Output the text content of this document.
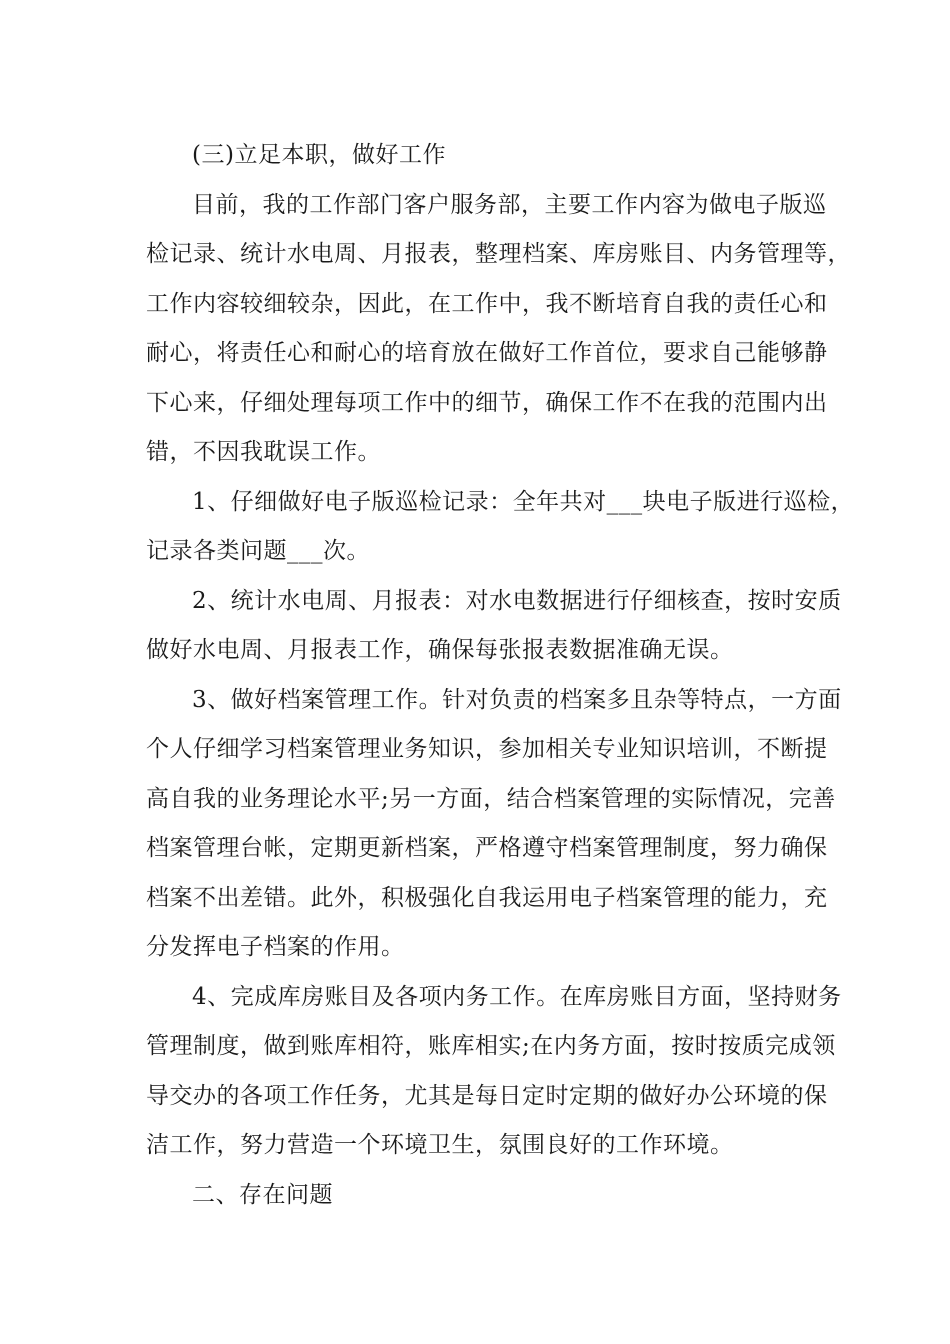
(三)立足本职，做好工作
目前，我的工作部门客户服务部，主要工作内容为做电子版巡
检记录、统计水电周、月报表，整理档案、库房账目、内务管理等，
工作内容较细较杂，因此，在工作中，我不断培育自我的责任心和
耐心，将责任心和耐心的培育放在做好工作首位，要求自己能够静
下心来，仔细处理每项工作中的细节，确保工作不在我的范围内出
错，不因我耽误工作。
1、仔细做好电子版巡检记录：全年共对___块电子版进行巡检，
记录各类问题___次。
2、统计水电周、月报表：对水电数据进行仔细核查，按时安质
做好水电周、月报表工作，确保每张报表数据准确无误。
3、做好档案管理工作。针对负责的档案多且杂等特点，一方面
个人仔细学习档案管理业务知识，参加相关专业知识培训，不断提
高自我的业务理论水平;另一方面，结合档案管理的实际情况，完善
档案管理台帐，定期更新档案，严格遵守档案管理制度，努力确保
档案不出差错。此外，积极强化自我运用电子档案管理的能力，充
分发挥电子档案的作用。
4、完成库房账目及各项内务工作。在库房账目方面，坚持财务
管理制度，做到账库相符，账库相实;在内务方面，按时按质完成领
导交办的各项工作任务，尤其是每日定时定期的做好办公环境的保
洁工作，努力营造一个环境卫生，氛围良好的工作环境。
二、存在问题
